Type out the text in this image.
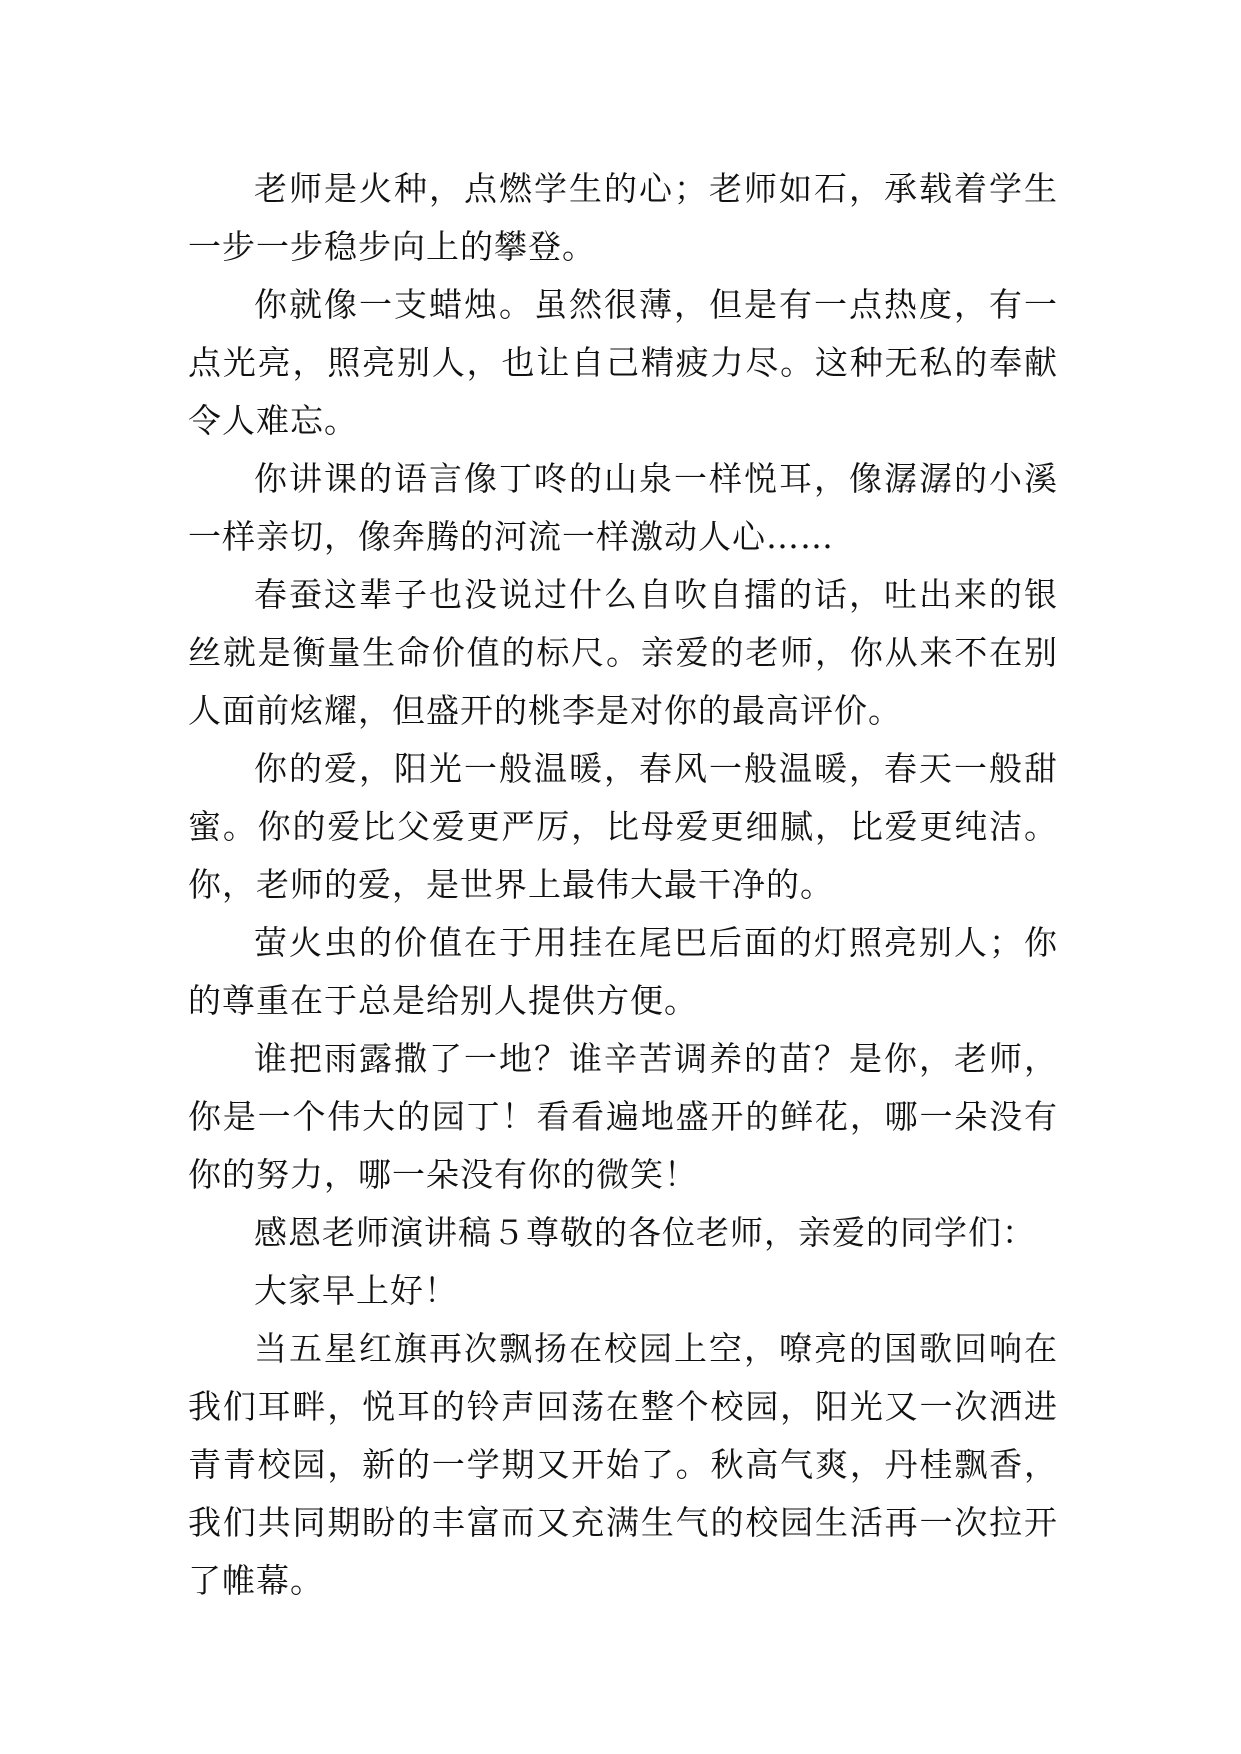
老师是火种，点燃学生的心；老师如石，承载着学生一步一步稳步向上的攀登。

你就像一支蜡烛。虽然很薄，但是有一点热度，有一点光亮，照亮别人，也让自己精疲力尽。这种无私的奉献令人难忘。

你讲课的语言像丁咚的山泉一样悦耳，像潺潺的小溪一样亲切，像奔腾的河流一样激动人心……

春蚕这辈子也没说过什么自吹自擂的话，吐出来的银丝就是衡量生命价值的标尺。亲爱的老师，你从来不在别人面前炫耀，但盛开的桃李是对你的最高评价。

你的爱，阳光一般温暖，春风一般温暖，春天一般甜蜜。你的爱比父爱更严厉，比母爱更细腻，比爱更纯洁。你，老师的爱，是世界上最伟大最干净的。

萤火虫的价值在于用挂在尾巴后面的灯照亮别人；你的尊重在于总是给别人提供方便。

谁把雨露撒了一地？谁辛苦调养的苗？是你，老师，你是一个伟大的园丁！看看遍地盛开的鲜花，哪一朵没有你的努力，哪一朵没有你的微笑！

感恩老师演讲稿５尊敬的各位老师，亲爱的同学们：

大家早上好！

当五星红旗再次飘扬在校园上空，嘹亮的国歌回响在我们耳畔，悦耳的铃声回荡在整个校园，阳光又一次洒进青青校园，新的一学期又开始了。秋高气爽，丹桂飘香，我们共同期盼的丰富而又充满生气的校园生活再一次拉开了帷幕。
